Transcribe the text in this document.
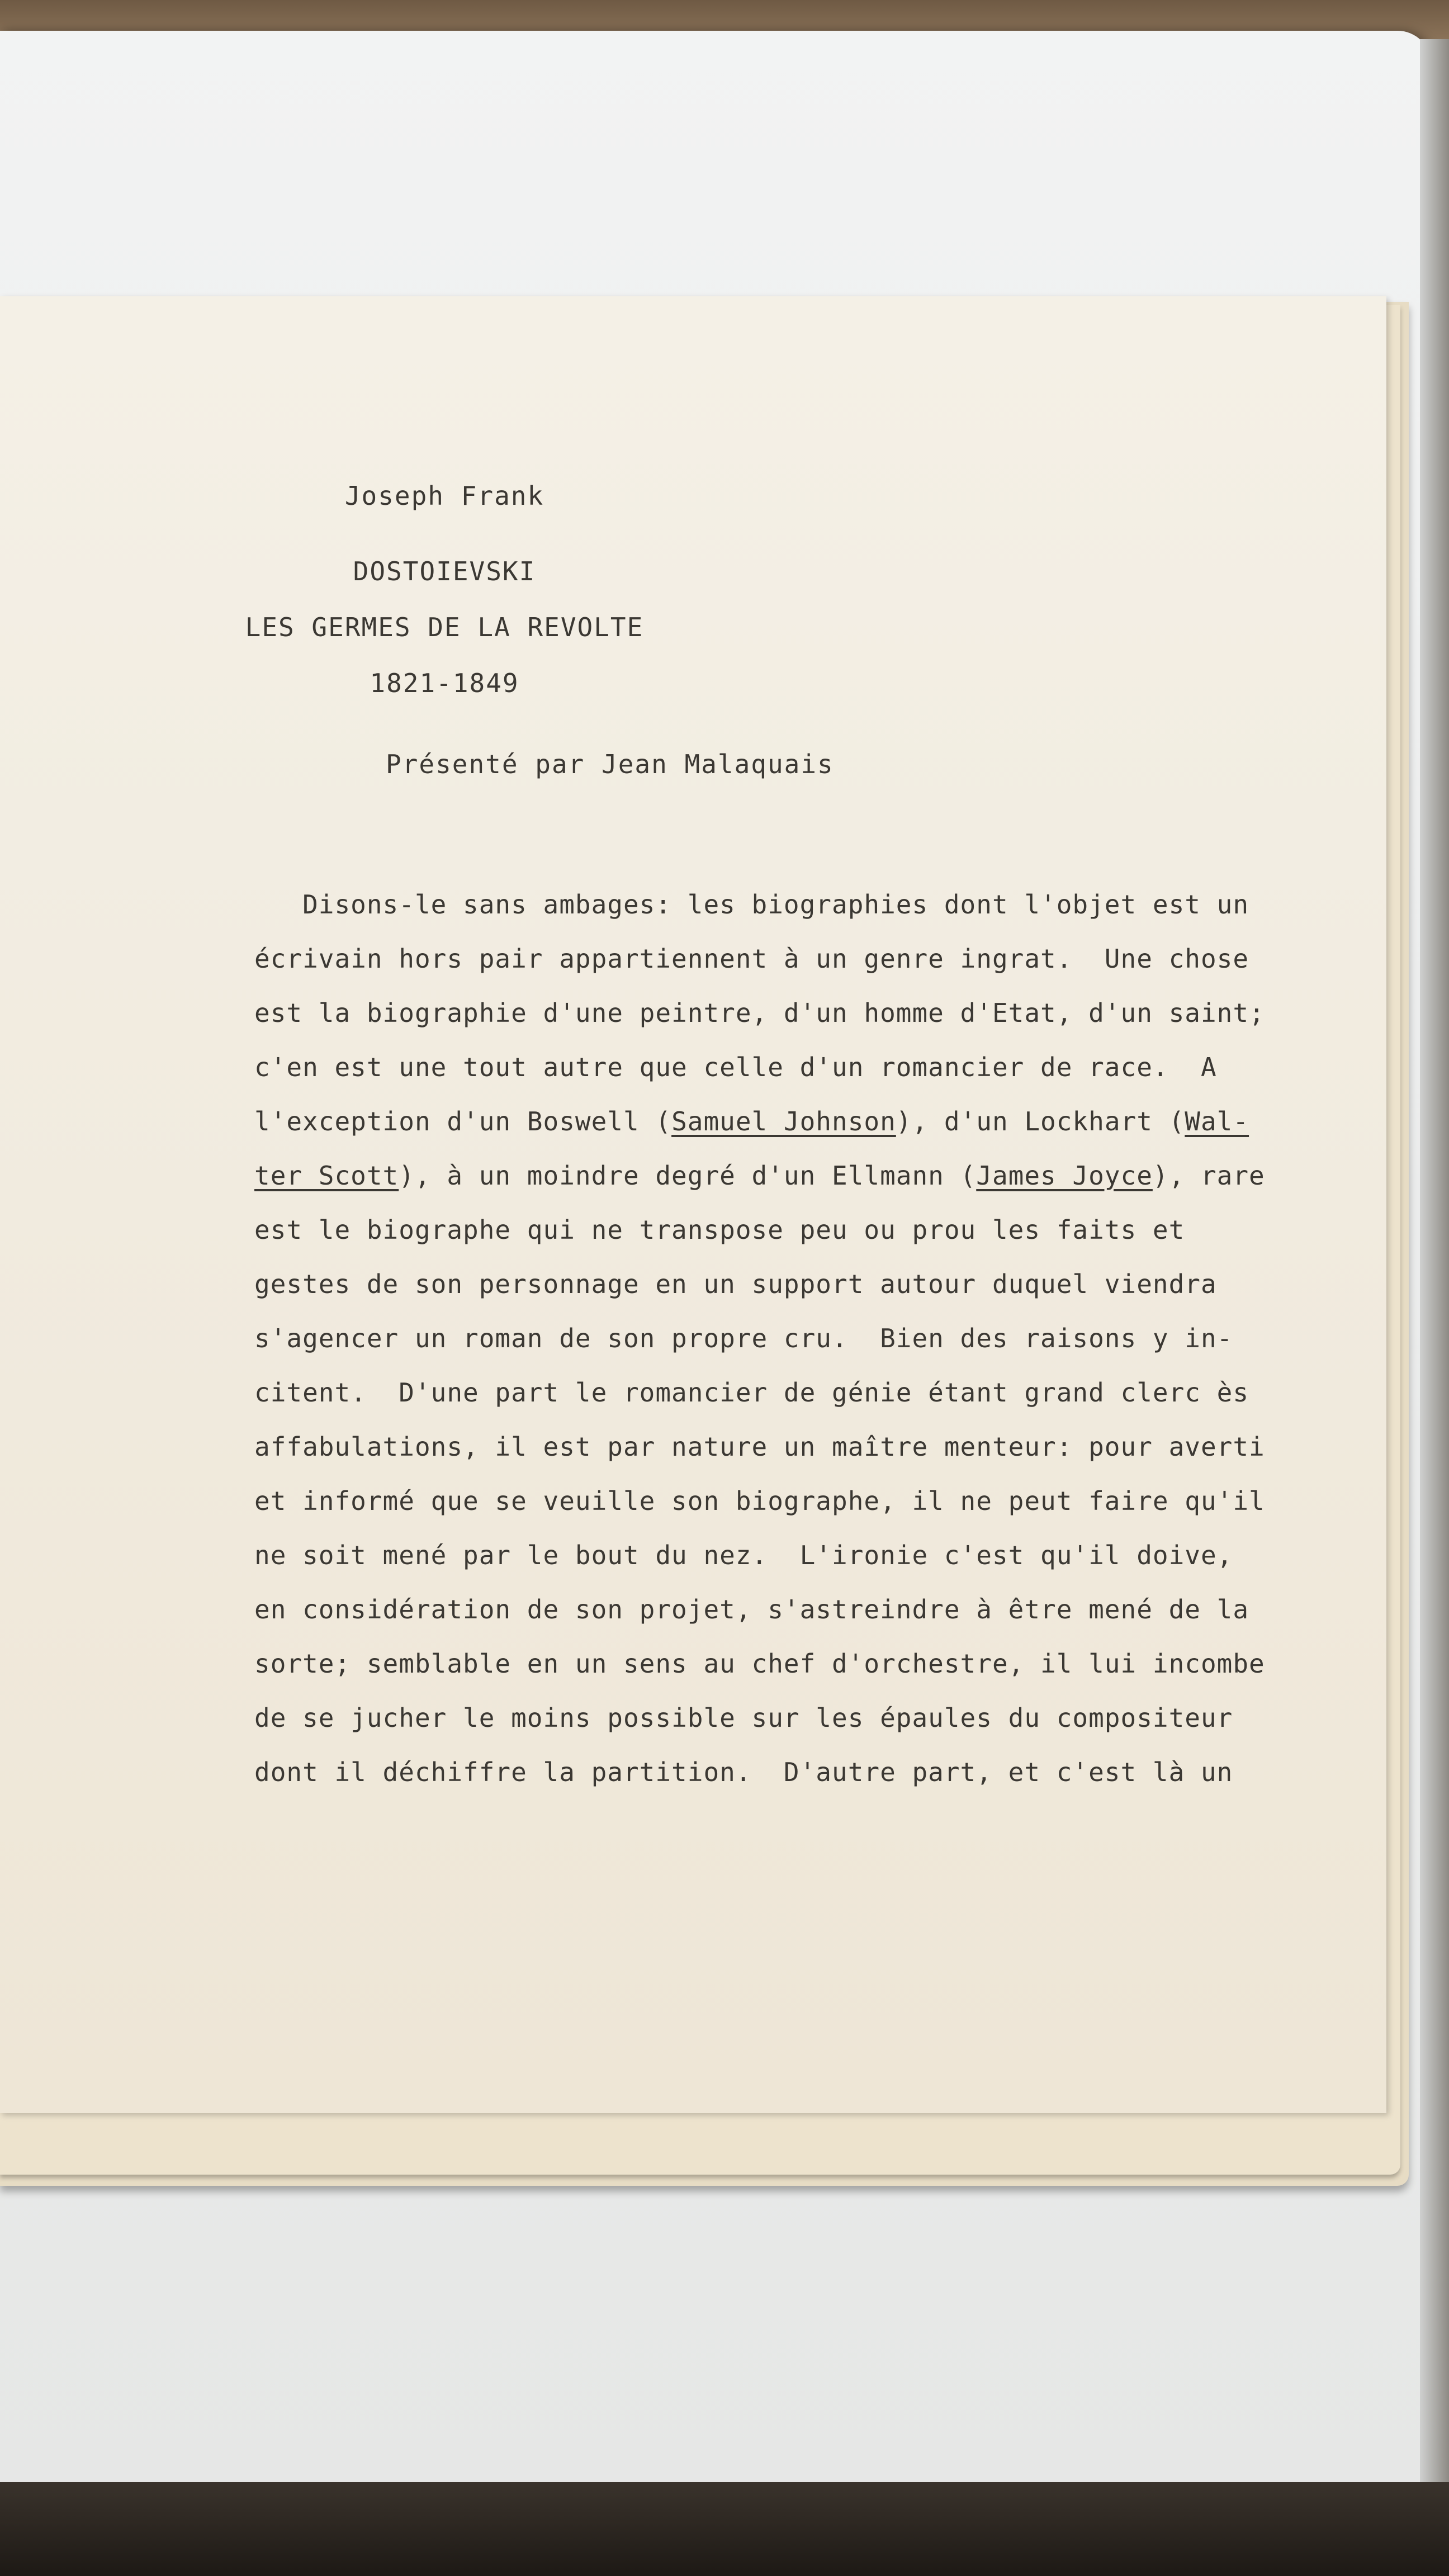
Joseph Frank
DOSTOIEVSKI
LES GERMES DE LA REVOLTE
1821-1849
Présenté par Jean Malaquais
Disons-le sans ambages: les biographies dont l'objet est un
écrivain hors pair appartiennent à un genre ingrat.  Une chose
est la biographie d'une peintre, d'un homme d'Etat, d'un saint;
c'en est une tout autre que celle d'un romancier de race.  A
l'exception d'un Boswell (Samuel Johnson), d'un Lockhart (Wal-
ter Scott), à un moindre degré d'un Ellmann (James Joyce), rare
est le biographe qui ne transpose peu ou prou les faits et
gestes de son personnage en un support autour duquel viendra
s'agencer un roman de son propre cru.  Bien des raisons y in-
citent.  D'une part le romancier de génie étant grand clerc ès
affabulations, il est par nature un maître menteur: pour averti
et informé que se veuille son biographe, il ne peut faire qu'il
ne soit mené par le bout du nez.  L'ironie c'est qu'il doive,
en considération de son projet, s'astreindre à être mené de la
sorte; semblable en un sens au chef d'orchestre, il lui incombe
de se jucher le moins possible sur les épaules du compositeur
dont il déchiffre la partition.  D'autre part, et c'est là un
